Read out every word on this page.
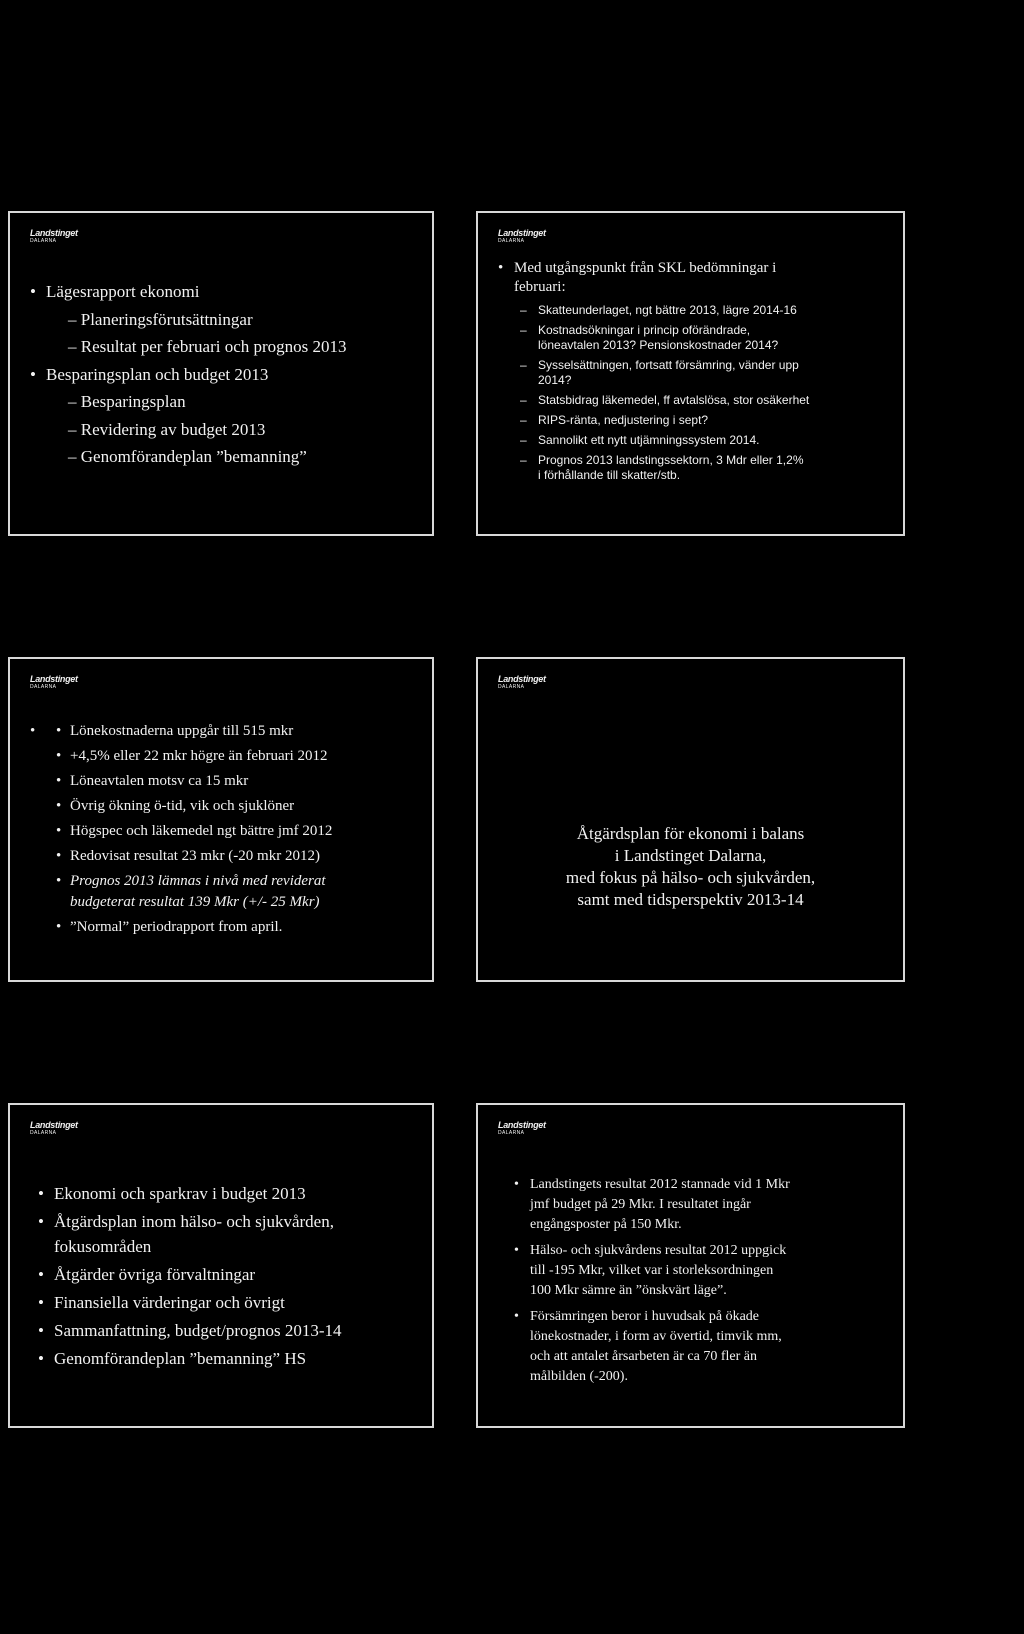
Landstinget
DALARNA
• Lägesrapport ekonomi
– Planeringsförutsättningar
– Resultat per februari och prognos 2013
• Besparingsplan och budget 2013
– Besparingsplan
– Revidering av budget 2013
– Genomförandeplan ”bemanning”
Landstinget
DALARNA
• Med utgångspunkt från SKL bedömningar i
februari:
– Skatteunderlaget, ngt bättre 2013, lägre 2014-16
– Kostnadsökningar i princip oförändrade,
löneavtalen 2013? Pensionskostnader 2014?
– Sysselsättningen, fortsatt försämring, vänder upp
2014?
– Statsbidrag läkemedel, ff avtalslösa, stor osäkerhet
– RIPS-ränta, nedjustering i sept?
– Sannolikt ett nytt utjämningssystem 2014.
– Prognos 2013 landstingssektorn, 3 Mdr eller 1,2%
i förhållande till skatter/stb.
Landstinget
DALARNA
• • Lönekostnaderna uppgår till 515 mkr
• +4,5% eller 22 mkr högre än februari 2012
• Löneavtalen motsv ca 15 mkr
• Övrig ökning ö-tid, vik och sjuklöner
• Högspec och läkemedel ngt bättre jmf 2012
• Redovisat resultat 23 mkr (-20 mkr 2012)
• Prognos 2013 lämnas i nivå med reviderat
budgeterat resultat 139 Mkr (+/- 25 Mkr)
• ”Normal” periodrapport from april.
Landstinget
DALARNA
Åtgärdsplan för ekonomi i balans
i Landstinget Dalarna,
med fokus på hälso- och sjukvården,
samt med tidsperspektiv 2013-14
Landstinget
DALARNA
• Ekonomi och sparkrav i budget 2013
• Åtgärdsplan inom hälso- och sjukvården,
fokusområden
• Åtgärder övriga förvaltningar
• Finansiella värderingar och övrigt
• Sammanfattning, budget/prognos 2013-14
• Genomförandeplan ”bemanning” HS
Landstinget
DALARNA
• Landstingets resultat 2012 stannade vid 1 Mkr
jmf budget på 29 Mkr. I resultatet ingår
engångsposter på 150 Mkr.
• Hälso- och sjukvårdens resultat 2012 uppgick
till -195 Mkr, vilket var i storleksordningen
100 Mkr sämre än ”önskvärt läge”.
• Försämringen beror i huvudsak på ökade
lönekostnader, i form av övertid, timvik mm,
och att antalet årsarbeten är ca 70 fler än
målbilden (-200).
